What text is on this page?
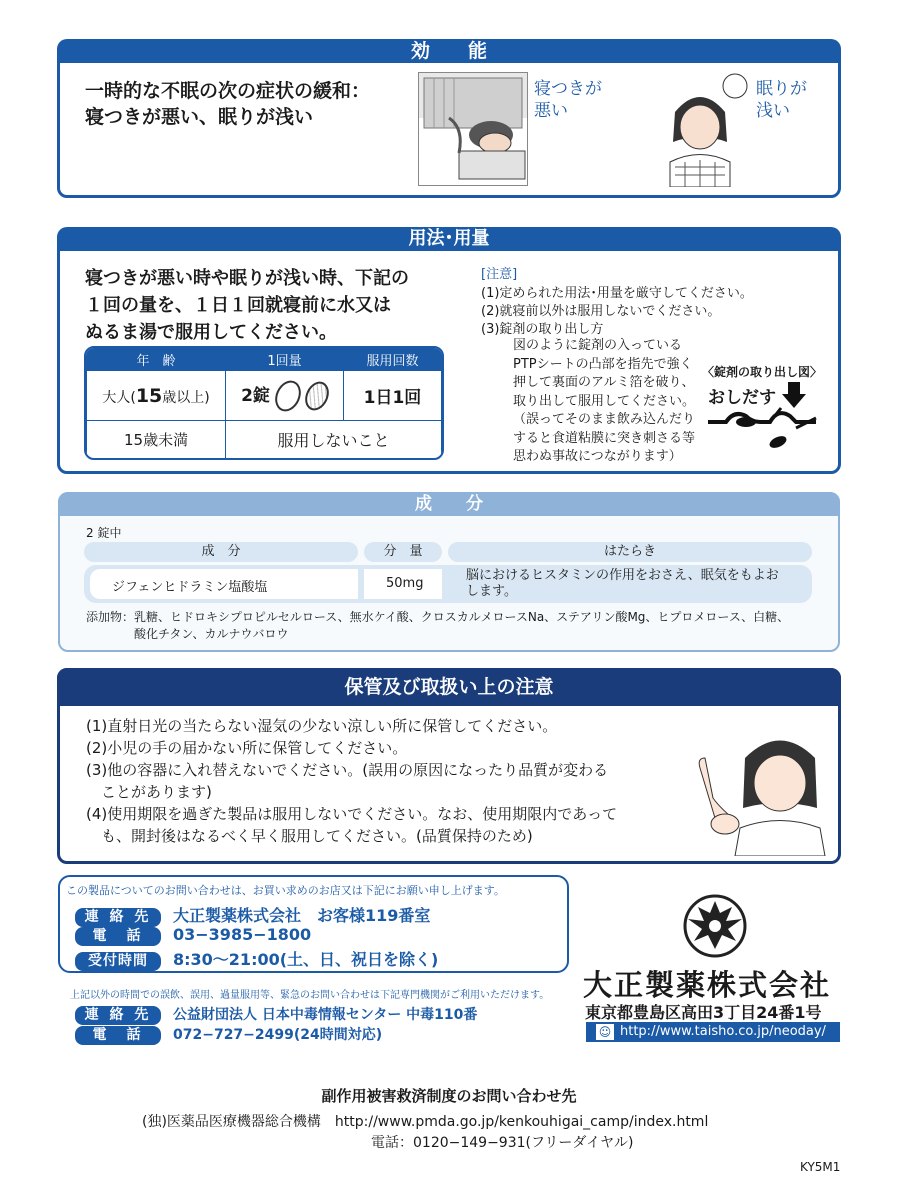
効　　能
一時的な不眠の次の症状の緩和：
寝つきが悪い、眠りが浅い
寝つきが
悪い
眠りが
浅い
用法･用量
寝つきが悪い時や眠りが浅い時、下記の
１回の量を、１日１回就寝前に水又は
ぬるま湯で服用してください。
年　齢	1回量	服用回数
大人(15歳以上)	2錠	1日1回
15歳未満	服用しないこと	
[注意]
(1)定められた用法･用量を厳守してください。
(2)就寝前以外は服用しないでください。
(3)錠剤の取り出し方
図のように錠剤の入っている
PTPシートの凸部を指先で強く
押して裏面のアルミ箔を破り、
取り出して服用してください。
（誤ってそのまま飲み込んだり
すると食道粘膜に突き刺さる等
思わぬ事故につながります）
〈錠剤の取り出し図〉
おしだす
成　　分
2 錠中
成　分	分　量	はたらき
ジフェンヒドラミン塩酸塩	50mg
脳におけるヒスタミンの作用をおさえ、眠気をもよお
します。
添加物：乳糖、ヒドロキシプロピルセルロース、無水ケイ酸、クロスカルメロースNa、ステアリン酸Mg、ヒプロメロース、白糖、
酸化チタン、カルナウバロウ
保管及び取扱い上の注意
(1)直射日光の当たらない湿気の少ない涼しい所に保管してください。
(2)小児の手の届かない所に保管してください。
(3)他の容器に入れ替えないでください。(誤用の原因になったり品質が変わる
　ことがあります)
(4)使用期限を過ぎた製品は服用しないでください。なお、使用期限内であって
　も、開封後はなるべく早く服用してください。(品質保持のため)
この製品についてのお問い合わせは、お買い求めのお店又は下記にお願い申し上げます。
連 絡 先 大正製薬株式会社　お客様119番室
電　話 03−3985−1800
受付時間 8:30〜21:00(土、日、祝日を除く)
上記以外の時間での誤飲、誤用、過量服用等、緊急のお問い合わせは下記専門機関がご利用いただけます。
連 絡 先 公益財団法人 日本中毒情報センター 中毒110番
電　話 072−727−2499(24時間対応)
大正製薬株式会社
東京都豊島区高田3丁目24番1号
☺ http://www.taisho.co.jp/neoday/
副作用被害救済制度のお問い合わせ先
(独)医薬品医療機器総合機構　http://www.pmda.go.jp/kenkouhigai_camp/index.html
電話：0120−149−931(フリーダイヤル)
KY5M1
